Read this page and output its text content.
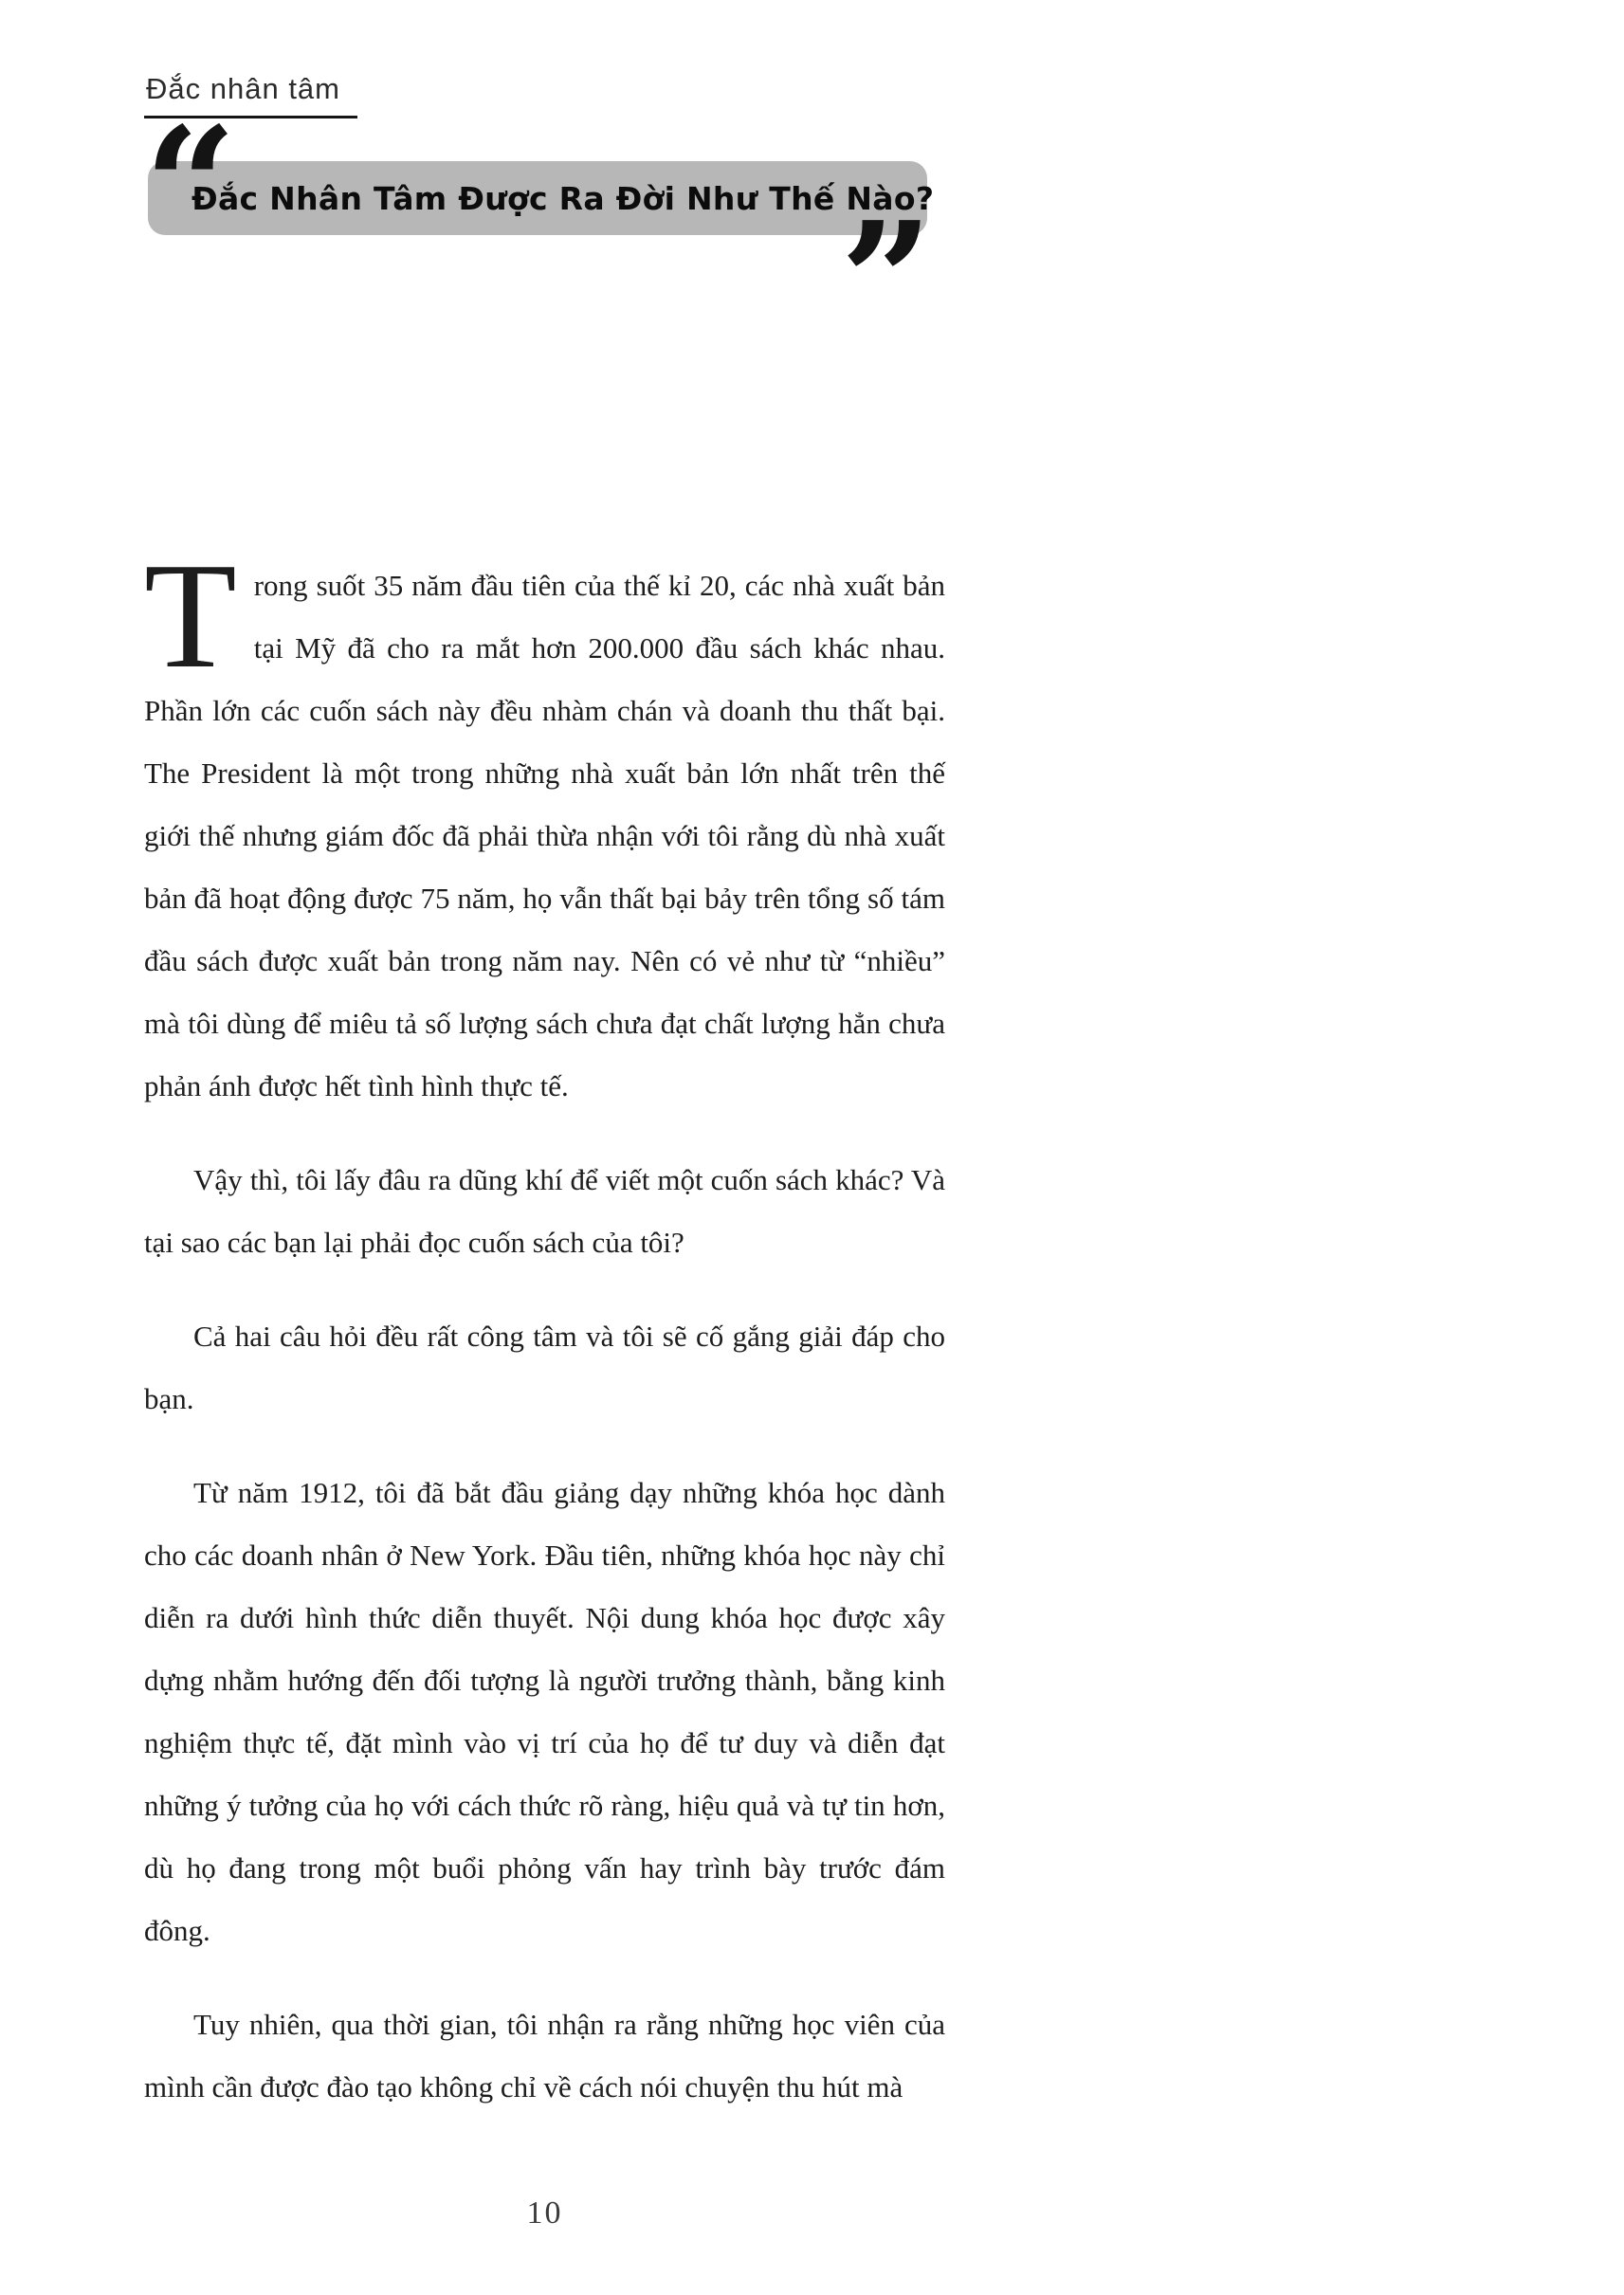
Đắc nhân tâm
“
Đắc Nhân Tâm Được Ra Đời Như Thế Nào?
”

Trong suốt 35 năm đầu tiên của thế kỉ 20, các nhà xuất bản tại Mỹ đã cho ra mắt hơn 200.000 đầu sách khác nhau. Phần lớn các cuốn sách này đều nhàm chán và doanh thu thất bại. The President là một trong những nhà xuất bản lớn nhất trên thế giới thế nhưng giám đốc đã phải thừa nhận với tôi rằng dù nhà xuất bản đã hoạt động được 75 năm, họ vẫn thất bại bảy trên tổng số tám đầu sách được xuất bản trong năm nay. Nên có vẻ như từ “nhiều” mà tôi dùng để miêu tả số lượng sách chưa đạt chất lượng hẳn chưa phản ánh được hết tình hình thực tế.

Vậy thì, tôi lấy đâu ra dũng khí để viết một cuốn sách khác? Và tại sao các bạn lại phải đọc cuốn sách của tôi?

Cả hai câu hỏi đều rất công tâm và tôi sẽ cố gắng giải đáp cho bạn.

Từ năm 1912, tôi đã bắt đầu giảng dạy những khóa học dành cho các doanh nhân ở New York. Đầu tiên, những khóa học này chỉ diễn ra dưới hình thức diễn thuyết. Nội dung khóa học được xây dựng nhằm hướng đến đối tượng là người trưởng thành, bằng kinh nghiệm thực tế, đặt mình vào vị trí của họ để tư duy và diễn đạt những ý tưởng của họ với cách thức rõ ràng, hiệu quả và tự tin hơn, dù họ đang trong một buổi phỏng vấn hay trình bày trước đám đông.

Tuy nhiên, qua thời gian, tôi nhận ra rằng những học viên của mình cần được đào tạo không chỉ về cách nói chuyện thu hút mà

10
